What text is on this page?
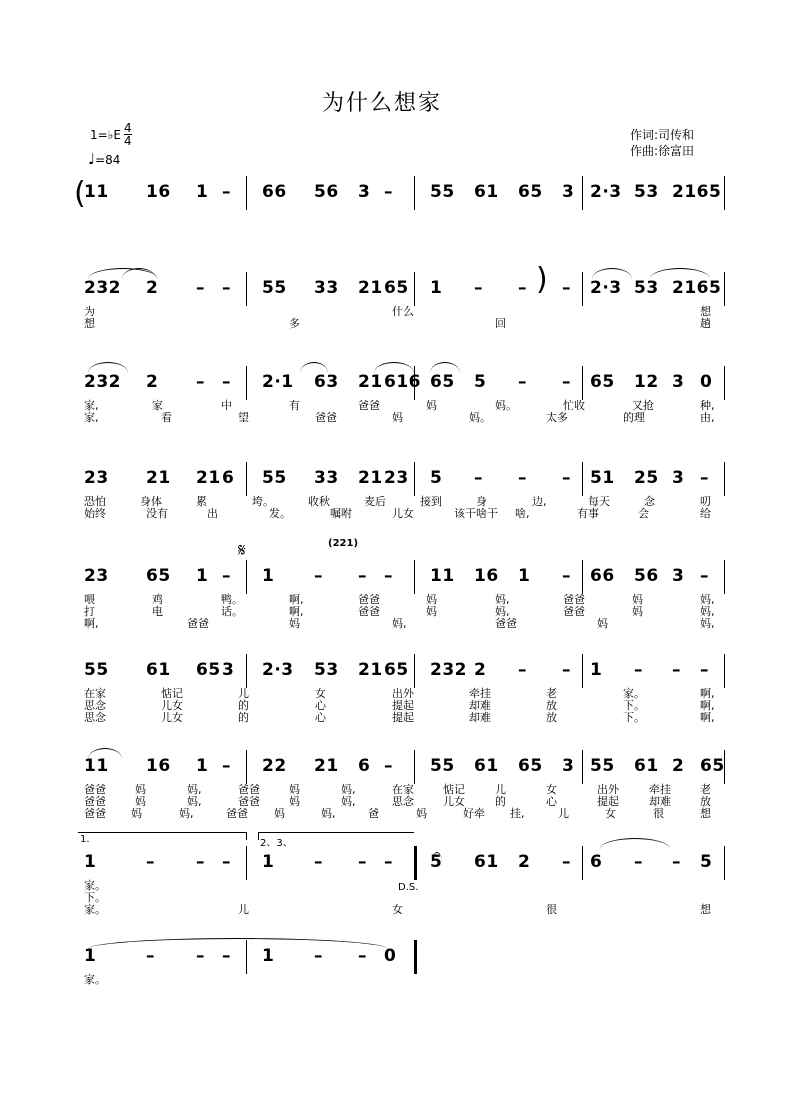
为什么想家
1=♭E 4
4
♩=84
作词:司传和
作曲:徐富田
11 16 1 – 66 56 3 – 55 61 65 3 2·3 53 2165
232 2 – – 55 33 21 65 1 – – – 2·3 53 2165
为	什么	想
想	多	回	趟
232 2 – – 2·1 63 21 616 65 5 – – 65 12 3 0
家,	家	中	有	爸爸	妈	妈。	忙收	又抢	种,
家,	看	望	爸爸	妈	妈。	太多	的理	由,
23 21 21 6 55 33 21 23 5 – – – 51 25 3 –
恐怕	身体	累	垮。	收秋	麦后	接到	身	边,	每天	念	叨
始终	没有	出	发。	嘱咐	儿女	该干啥干 啥,	有事	会	给
23 65 1 – 1 – – – 11 16 1 – 66 56 3 –
喂	鸡	鸭。	啊,	爸爸	妈	妈,	爸爸	妈	妈,
打	电	话。	啊,	爸爸	妈	妈,	爸爸	妈	妈,
啊,	爸爸	妈	妈,	爸爸	妈	妈,
55 61 65 3 2·3 53 21 65 232 2 – – 1 – – –
在家	惦记	儿	女	出外	牵挂	老	家。	啊,
思念	儿女	的	心	提起	却难	放	下。	啊,
思念	儿女	的	心	提起	却难	放	下。	啊,
11 16 1 – 22 21 6 – 55 61 65 3 55 61 2 65
爸爸	妈	妈,	爸爸	妈	妈,	在家	惦记	儿	女	出外	牵挂	老
爸爸	妈	妈,	爸爸	妈	妈,	思念	儿女	的	心	提起	却难	放
爸爸 妈	妈,	爸爸 妈	妈,	爸	妈	好牵 挂,	儿	女	很	想
1	– – – 1 – – – 5 61 2 – 6 – – 5
家。
下。
家。	儿	女	很	想
1	– – – 1 – – 0
家。
(
)
𝄋	(221)
D.S.
1.	2、3、
